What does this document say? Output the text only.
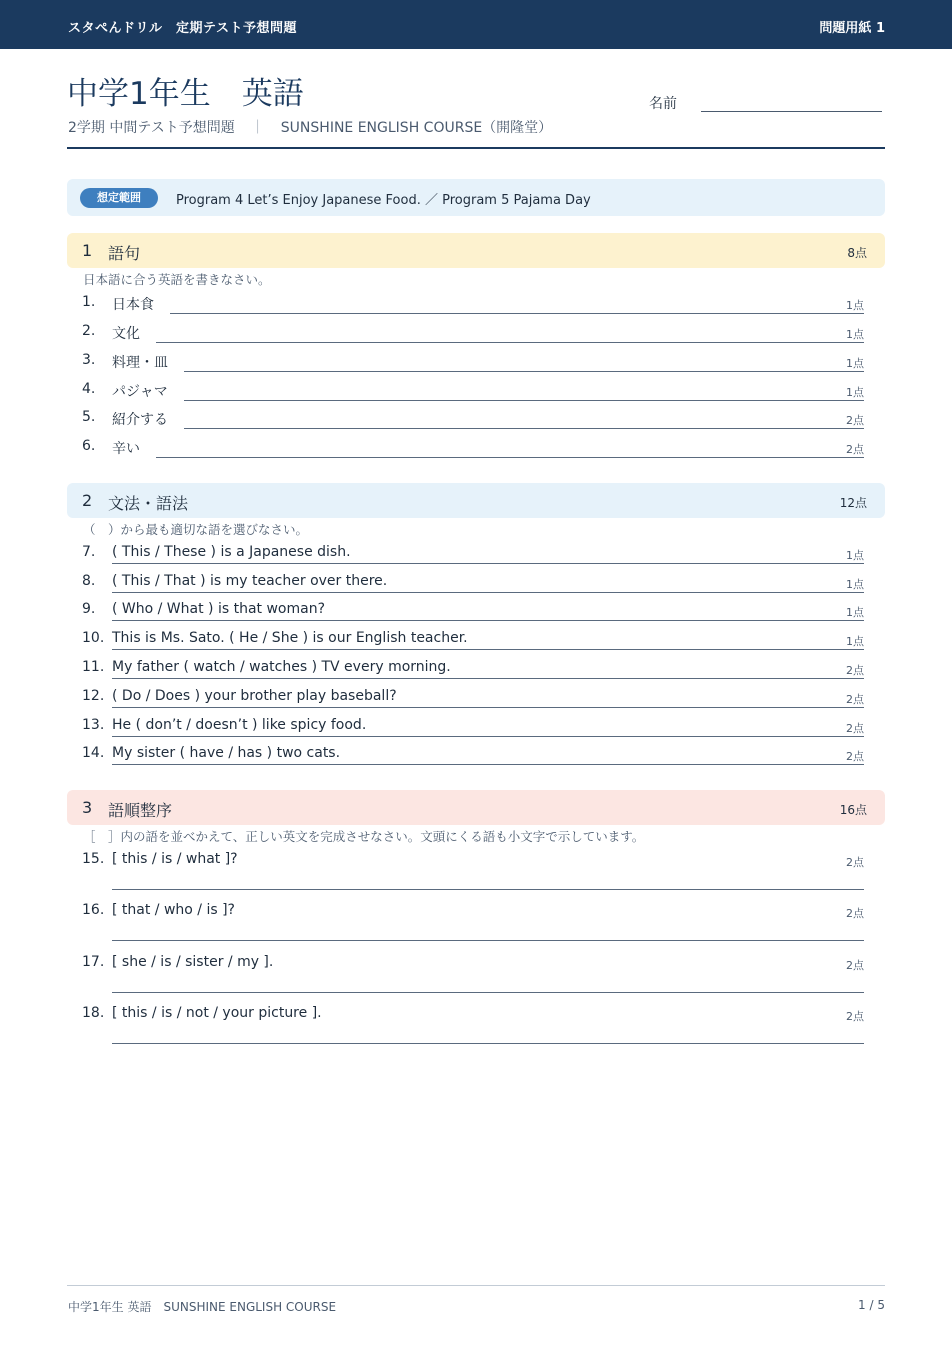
スタペんドリル　定期テスト予想問題	問題用紙 1
中学1年生　英語
2学期 中間テスト予想問題 ｜ SUNSHINE ENGLISH COURSE（開隆堂）
名前
想定範囲	Program 4 Let’s Enjoy Japanese Food. ／ Program 5 Pajama Day
1 語句	8点
日本語に合う英語を書きなさい。
1. 日本食	1点
2. 文化	1点
3. 料理・皿	1点
4. パジャマ	1点
5. 紹介する	2点
6. 辛い	2点
2 文法・語法	12点
（　）から最も適切な語を選びなさい。
7. ( This / These ) is a Japanese dish.	1点
8. ( This / That ) is my teacher over there.	1点
9. ( Who / What ) is that woman?	1点
10. This is Ms. Sato. ( He / She ) is our English teacher.	1点
11. My father ( watch / watches ) TV every morning.	2点
12. ( Do / Does ) your brother play baseball?	2点
13. He ( don’t / doesn’t ) like spicy food.	2点
14. My sister ( have / has ) two cats.	2点
3 語順整序	16点
［　］内の語を並べかえて、正しい英文を完成させなさい。文頭にくる語も小文字で示しています。
15. [ this / is / what ]?	2点
16. [ that / who / is ]?	2点
17. [ she / is / sister / my ].	2点
18. [ this / is / not / your picture ].	2点
中学1年生 英語　SUNSHINE ENGLISH COURSE	1 / 5
